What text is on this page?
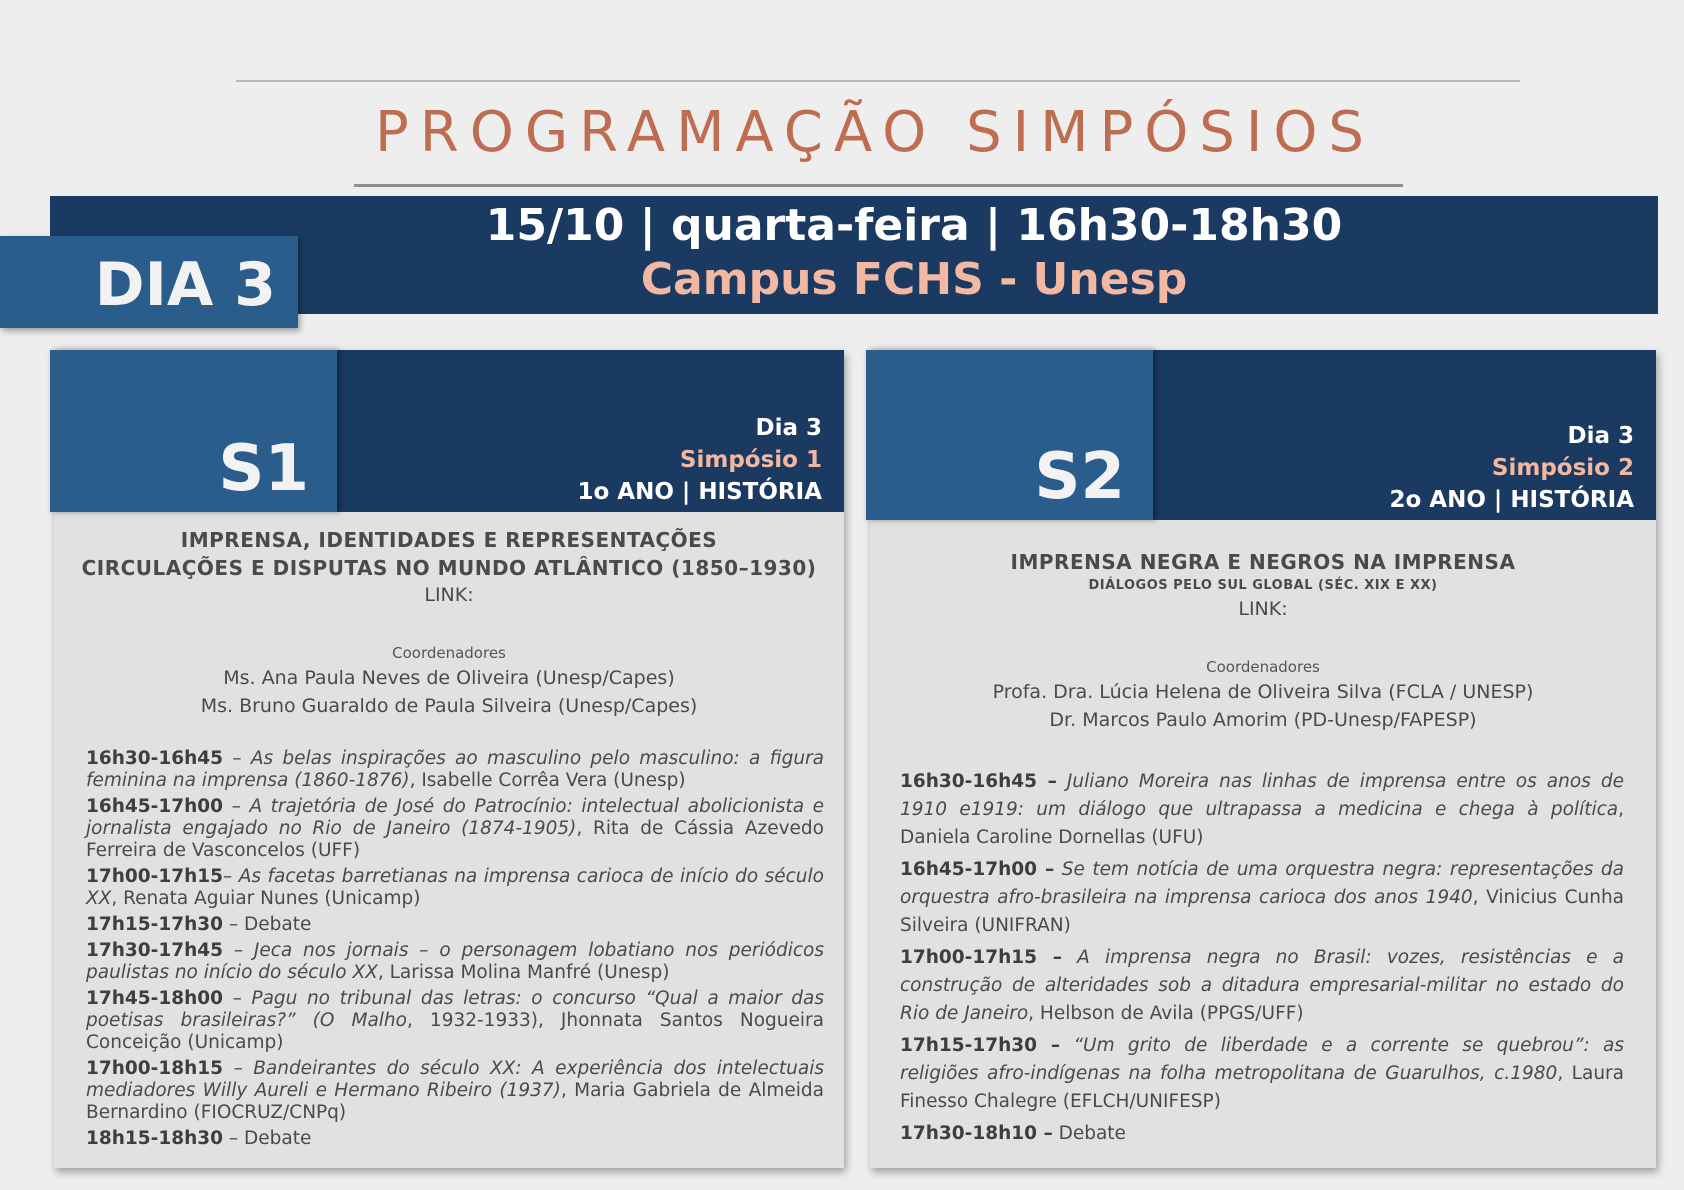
PROGRAMAÇÃO SIMPÓSIOS
15/10 | quarta-feira | 16h30-18h30
Campus FCHS - Unesp
DIA 3
S1
Dia 3
Simpósio 1
1o ANO | HISTÓRIA
IMPRENSA, IDENTIDADES E REPRESENTAÇÕES
CIRCULAÇÕES E DISPUTAS NO MUNDO ATLÂNTICO (1850–1930)
LINK:
Coordenadores
Ms. Ana Paula Neves de Oliveira (Unesp/Capes)
Ms. Bruno Guaraldo de Paula Silveira (Unesp/Capes)

16h30-16h45 – As belas inspirações ao masculino pelo masculino: a figura feminina na imprensa (1860-1876), Isabelle Corrêa Vera (Unesp)

16h45-17h00 – A trajetória de José do Patrocínio: intelectual abolicionista e jornalista engajado no Rio de Janeiro (1874-1905), Rita de Cássia Azevedo Ferreira de Vasconcelos (UFF)

17h00-17h15– As facetas barretianas na imprensa carioca de início do século XX, Renata Aguiar Nunes (Unicamp)

17h15-17h30 – Debate

17h30-17h45 – Jeca nos jornais – o personagem lobatiano nos periódicos paulistas no início do século XX, Larissa Molina Manfré (Unesp)

17h45-18h00 – Pagu no tribunal das letras: o concurso “Qual a maior das poetisas brasileiras?” (O Malho, 1932-1933), Jhonnata Santos Nogueira Conceição (Unicamp)

17h00-18h15 – Bandeirantes do século XX: A experiência dos intelectuais mediadores Willy Aureli e Hermano Ribeiro (1937), Maria Gabriela de Almeida Bernardino (FIOCRUZ/CNPq)

18h15-18h30 – Debate

S2
Dia 3
Simpósio 2
2o ANO | HISTÓRIA
IMPRENSA NEGRA E NEGROS NA IMPRENSA
DIÁLOGOS PELO SUL GLOBAL (SÉC. XIX E XX)
LINK:
Coordenadores
Profa. Dra. Lúcia Helena de Oliveira Silva (FCLA / UNESP)
Dr. Marcos Paulo Amorim (PD-Unesp/FAPESP)

16h30-16h45 – Juliano Moreira nas linhas de imprensa entre os anos de 1910 e1919: um diálogo que ultrapassa a medicina e chega à política, Daniela Caroline Dornellas (UFU)

16h45-17h00 – Se tem notícia de uma orquestra negra: representações da orquestra afro-brasileira na imprensa carioca dos anos 1940, Vinicius Cunha Silveira (UNIFRAN)

17h00-17h15 – A imprensa negra no Brasil: vozes, resistências e a construção de alteridades sob a ditadura empresarial-militar no estado do Rio de Janeiro, Helbson de Avila (PPGS/UFF)

17h15-17h30 – “Um grito de liberdade e a corrente se quebrou”: as religiões afro-indígenas na folha metropolitana de Guarulhos, c.1980, Laura Finesso Chalegre (EFLCH/UNIFESP)

17h30-18h10 – Debate
